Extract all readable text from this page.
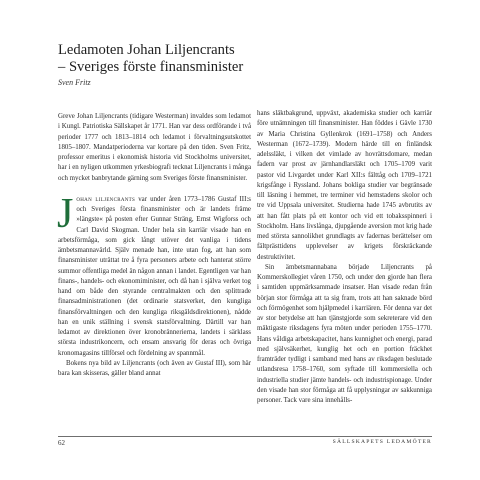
Ledamoten Johan Liljencrants
– Sveriges förste finansminister
Sven Fritz

Greve Johan Liljencrants (tidigare Westerman) invaldes som ledamot i Kungl. Patriotiska Sällskapet år 1771. Han var dess ordförande i två perioder 1777 och 1813–1814 och ledamot i förvaltningsutskottet 1805–1807. Mandatperioderna var kortare på den tiden. Sven Fritz, professor emeritus i ekonomisk historia vid Stockholms universitet, har i en nyligen utkommen yrkesbiografi tecknat Liljencrants i många och mycket banbrytande gärning som Sveriges förste finansminister.

Johan liljencrants var under åren 1773–1786 Gustaf III:s och Sveriges första finansminister och är landets främe »längste« på posten efter Gunnar Sträng, Ernst Wigforss och Carl David Skogman. Under hela sin karriär visade han en arbetsförmåga, som gick långt utöver det vanliga i tidens ämbetsmannavärld. Själv menade han, inte utan fog, att han som finansminister uträttat tre å fyra personers arbete och hanterat större summor offentliga medel än någon annan i landet. Egentligen var han finans-, handels- och ekonomiminister, och då han i själva verket tog hand om både den styrande centralmakten och den splittrade finansadministrationen (det ordinarie statsverket, den kungliga finansförvaltningen och den kungliga riksgäldsdirektionen), nådde han en unik ställning i svensk statsförvaltning. Därtill var han ledamot av direktionen över kronobrännerierna, landets i särklass största industrikoncern, och ensam ansvarig för deras och övriga kronomagasins tillförsel och fördelning av spannmål.

Bokens nya bild av Liljencrants (och även av Gustaf III), som här bara kan skisseras, gäller bland annat

hans släktbakgrund, uppväxt, akademiska studier och karriär före utnämningen till finansminister. Han föddes i Gävle 1730 av Maria Christina Gyllenkrok (1691–1758) och Anders Westerman (1672–1739). Modern härde till en finländsk adelssläkt, i vilken det vimlade av hovrättsdomare, medan fadern var prost av järnhandlarsläkt och 1705–1709 varit pastor vid Livgardet under Karl XII:s fälttåg och 1709–1721 krigsfånge i Ryssland. Johans bokliga studier var begränsade till läsning i hemmet, tre terminer vid hemstadens skolor och tre vid Uppsala universitet. Studierna hade 1745 avbrutits av att han fått plats på ett kontor och vid ett tobaksspinneri i Stockholm. Hans livslånga, djupgående aversion mot krig hade med största sannolikhet grundlagts av fadernas berättelser om fältprästtidens upplevelser av krigets förskräckande destruktivitet.

Sin ämbetsmannabana började Liljencrants på Kommerskollegiet våren 1750, och under den gjorde han flera i samtiden uppmärksammade insatser. Han visade redan från början stor förmåga att ta sig fram, trots att han saknade börd och förmögenhet som hjälpmedel i karriären. För denna var det av stor betydelse att han tjänstgjorde som sekreterare vid den mäktigaste riksdagens fyra möten under perioden 1755–1770. Hans våldiga arbetskapacitet, hans kunnighet och energi, parad med självsäkerhet, kunglig het och en portion fräckhet framträder tydligt i samband med hans av riksdagen beslutade utlandsresa 1758–1760, som syftade till kommersiella och industriella studier jämte handels- och industrispionage. Under den visade han stor förmåga att få upplysningar av sakkunniga personer. Tack vare sina innehålls-

62	SÄLLSKAPETS LEDAMÖTER
